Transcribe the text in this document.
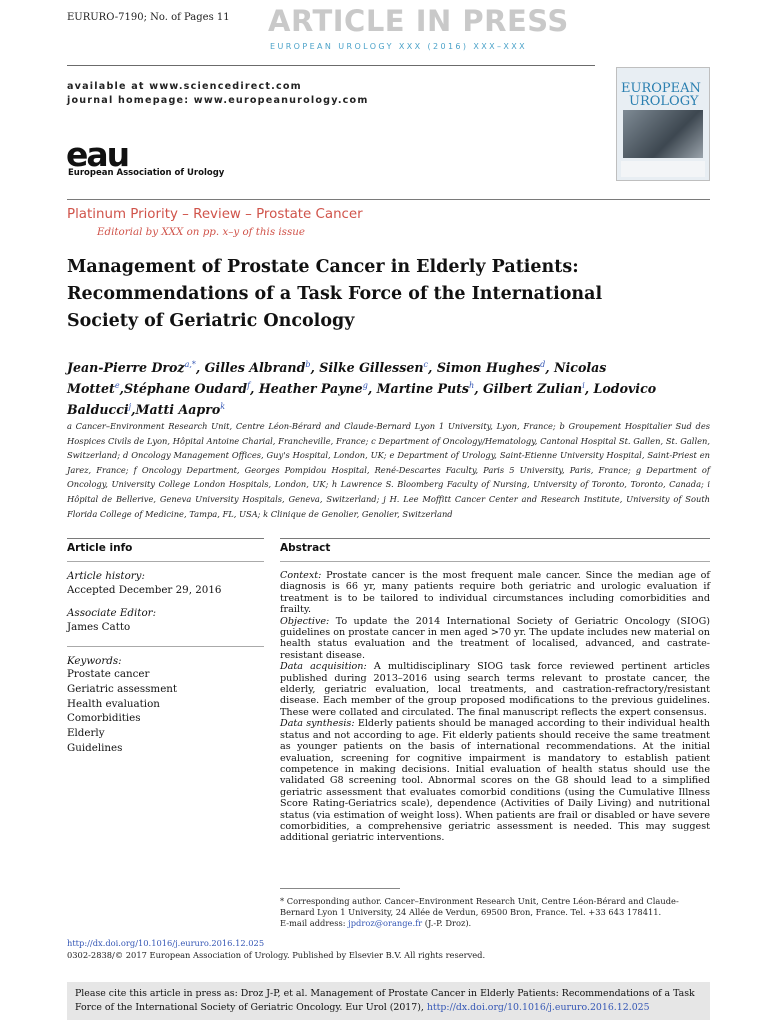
EURURO-7190; No. of Pages 11 ARTICLE IN PRESS
EUROPEAN UROLOGY XXX (2016) XXX–XXX
available at www.sciencedirect.com
journal homepage: www.europeanurology.com
eau
European Association of Urology
EUROPEAN
UROLOGY
Platinum Priority – Review – Prostate Cancer
Editorial by XXX on pp. x–y of this issue
Management of Prostate Cancer in Elderly Patients:
Recommendations of a Task Force of the International
Society of Geriatric Oncology
Jean-Pierre Droz$^{a,*}$, Gilles Albrand$^b$, Silke Gillessen$^c$, Simon Hughes$^d$, Nicolas Mottet$^e$,Stéphane Oudard$^f$, Heather Payne$^g$, Martine Puts$^h$, Gilbert Zulian$^i$, Lodovico Balducci$^j$,Matti Aapro$^k$
a Cancer–Environment Research Unit, Centre Léon-Bérard and Claude-Bernard Lyon 1 University, Lyon, France; b Groupement Hospitalier Sud des Hospices Civils de Lyon, Hôpital Antoine Charial, Francheville, France; c Department of Oncology/Hematology, Cantonal Hospital St. Gallen, St. Gallen, Switzerland; d Oncology Management Offices, Guy's Hospital, London, UK; e Department of Urology, Saint-Etienne University Hospital, Saint-Priest en Jarez, France; f Oncology Department, Georges Pompidou Hospital, René-Descartes Faculty, Paris 5 University, Paris, France; g Department of Oncology, University College London Hospitals, London, UK; h Lawrence S. Bloomberg Faculty of Nursing, University of Toronto, Toronto, Canada; i Hôpital de Bellerive, Geneva University Hospitals, Geneva, Switzerland; j H. Lee Moffitt Cancer Center and Research Institute, University of South Florida College of Medicine, Tampa, FL, USA; k Clinique de Genolier, Genolier, Switzerland
Article info
Article history:
Accepted December 29, 2016
Associate Editor:
James Catto
Keywords:
Prostate cancer
Geriatric assessment
Health evaluation
Comorbidities
Elderly
Guidelines
Abstract

Context: Prostate cancer is the most frequent male cancer. Since the median age of diagnosis is 66 yr, many patients require both geriatric and urologic evaluation if treatment is to be tailored to individual circumstances including comorbidities and frailty.

Objective: To update the 2014 International Society of Geriatric Oncology (SIOG) guidelines on prostate cancer in men aged >70 yr. The update includes new material on health status evaluation and the treatment of localised, advanced, and castrate-resistant disease.

Data acquisition: A multidisciplinary SIOG task force reviewed pertinent articles published during 2013–2016 using search terms relevant to prostate cancer, the elderly, geriatric evaluation, local treatments, and castration-refractory/resistant disease. Each member of the group proposed modifications to the previous guidelines. These were collated and circulated. The final manuscript reflects the expert consensus.

Data synthesis: Elderly patients should be managed according to their individual health status and not according to age. Fit elderly patients should receive the same treatment as younger patients on the basis of international recommendations. At the initial evaluation, screening for cognitive impairment is mandatory to establish patient competence in making decisions. Initial evaluation of health status should use the validated G8 screening tool. Abnormal scores on the G8 should lead to a simplified geriatric assessment that evaluates comorbid conditions (using the Cumulative Illness Score Rating-Geriatrics scale), dependence (Activities of Daily Living) and nutritional status (via estimation of weight loss). When patients are frail or disabled or have severe comorbidities, a comprehensive geriatric assessment is needed. This may suggest additional geriatric interventions.

* Corresponding author. Cancer–Environment Research Unit, Centre Léon-Bérard and Claude-Bernard Lyon 1 University, 24 Allée de Verdun, 69500 Bron, France. Tel. +33 643 178411.
E-mail address: jpdroz@orange.fr (J.-P. Droz).
http://dx.doi.org/10.1016/j.eururo.2016.12.025
0302-2838/© 2017 European Association of Urology. Published by Elsevier B.V. All rights reserved.
Please cite this article in press as: Droz J-P, et al. Management of Prostate Cancer in Elderly Patients: Recommendations of a Task Force of the International Society of Geriatric Oncology. Eur Urol (2017), http://dx.doi.org/10.1016/j.eururo.2016.12.025
